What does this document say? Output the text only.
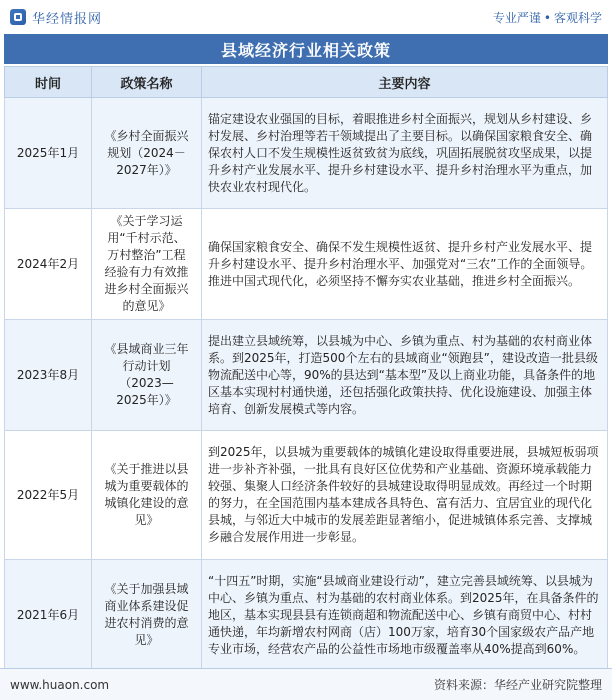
华经情报网	专业严谨 • 客观科学
县域经济行业相关政策
时间	政策名称	主要内容
2025年1月	《乡村全面振兴规划（2024－2027年）》	锚定建设农业强国的目标，着眼推进乡村全面振兴，规划从乡村建设、乡村发展、乡村治理等若干领域提出了主要目标。以确保国家粮食安全、确保农村人口不发生规模性返贫致贫为底线，巩固拓展脱贫攻坚成果，以提升乡村产业发展水平、提升乡村建设水平、提升乡村治理水平为重点，加快农业农村现代化。
2024年2月	《关于学习运用“千村示范、万村整治”工程经验有力有效推进乡村全面振兴的意见》	确保国家粮食安全、确保不发生规模性返贫、提升乡村产业发展水平、提升乡村建设水平、提升乡村治理水平、加强党对“三农”工作的全面领导。推进中国式现代化，必须坚持不懈夯实农业基础，推进乡村全面振兴。
2023年8月	《县域商业三年行动计划（2023—2025年）》	提出建立县域统筹，以县城为中心、乡镇为重点、村为基础的农村商业体系。到2025年，打造500个左右的县域商业“领跑县”，建设改造一批县级物流配送中心等，90%的县达到“基本型”及以上商业功能，具备条件的地区基本实现村村通快递，还包括强化政策扶持、优化设施建设、加强主体培育、创新发展模式等内容。
2022年5月	《关于推进以县城为重要载体的城镇化建设的意见》	到2025年，以县城为重要载体的城镇化建设取得重要进展，县城短板弱项进一步补齐补强，一批具有良好区位优势和产业基础、资源环境承载能力较强、集聚人口经济条件较好的县城建设取得明显成效。再经过一个时期的努力，在全国范围内基本建成各具特色、富有活力、宜居宜业的现代化县城，与邻近大中城市的发展差距显著缩小，促进城镇体系完善、支撑城乡融合发展作用进一步彰显。
2021年6月	《关于加强县域商业体系建设促进农村消费的意见》	“十四五”时期，实施“县域商业建设行动”，建立完善县域统筹、以县城为中心、乡镇为重点、村为基础的农村商业体系。到2025年，在具备条件的地区，基本实现县县有连锁商超和物流配送中心、乡镇有商贸中心、村村通快递，年均新增农村网商（店）100万家，培育30个国家级农产品产地专业市场，经营农产品的公益性市场地市级覆盖率从40%提高到60%。
www.huaon.com	资料来源：华经产业研究院整理
